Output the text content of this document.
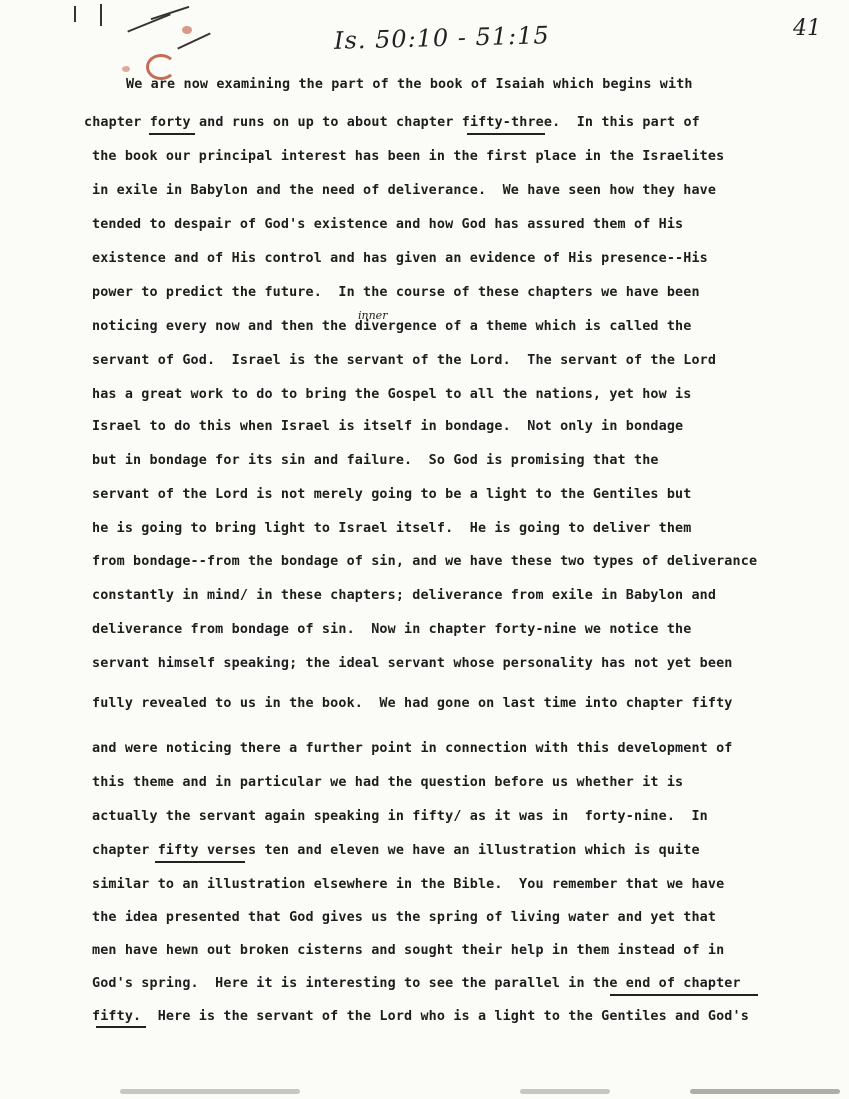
Is. 50:10 - 51:15	41
inner

We are now examining the part of the book of Isaiah which begins with

chapter forty and runs on up to about chapter fifty-three.  In this part of

the book our principal interest has been in the first place in the Israelites

in exile in Babylon and the need of deliverance.  We have seen how they have

tended to despair of God's existence and how God has assured them of His

existence and of His control and has given an evidence of His presence--His

power to predict the future.  In the course of these chapters we have been

noticing every now and then the divergence of a theme which is called the

servant of God.  Israel is the servant of the Lord.  The servant of the Lord

has a great work to do to bring the Gospel to all the nations, yet how is

Israel to do this when Israel is itself in bondage.  Not only in bondage

but in bondage for its sin and failure.  So God is promising that the

servant of the Lord is not merely going to be a light to the Gentiles but

he is going to bring light to Israel itself.  He is going to deliver them

from bondage--from the bondage of sin, and we have these two types of deliverance

constantly in mind/ in these chapters; deliverance from exile in Babylon and

deliverance from bondage of sin.  Now in chapter forty-nine we notice the

servant himself speaking; the ideal servant whose personality has not yet been

fully revealed to us in the book.  We had gone on last time into chapter fifty

and were noticing there a further point in connection with this development of

this theme and in particular we had the question before us whether it is

actually the servant again speaking in fifty/ as it was in  forty-nine.  In

chapter fifty verses ten and eleven we have an illustration which is quite

similar to an illustration elsewhere in the Bible.  You remember that we have

the idea presented that God gives us the spring of living water and yet that

men have hewn out broken cisterns and sought their help in them instead of in

God's spring.  Here it is interesting to see the parallel in the end of chapter

fifty.  Here is the servant of the Lord who is a light to the Gentiles and God's
